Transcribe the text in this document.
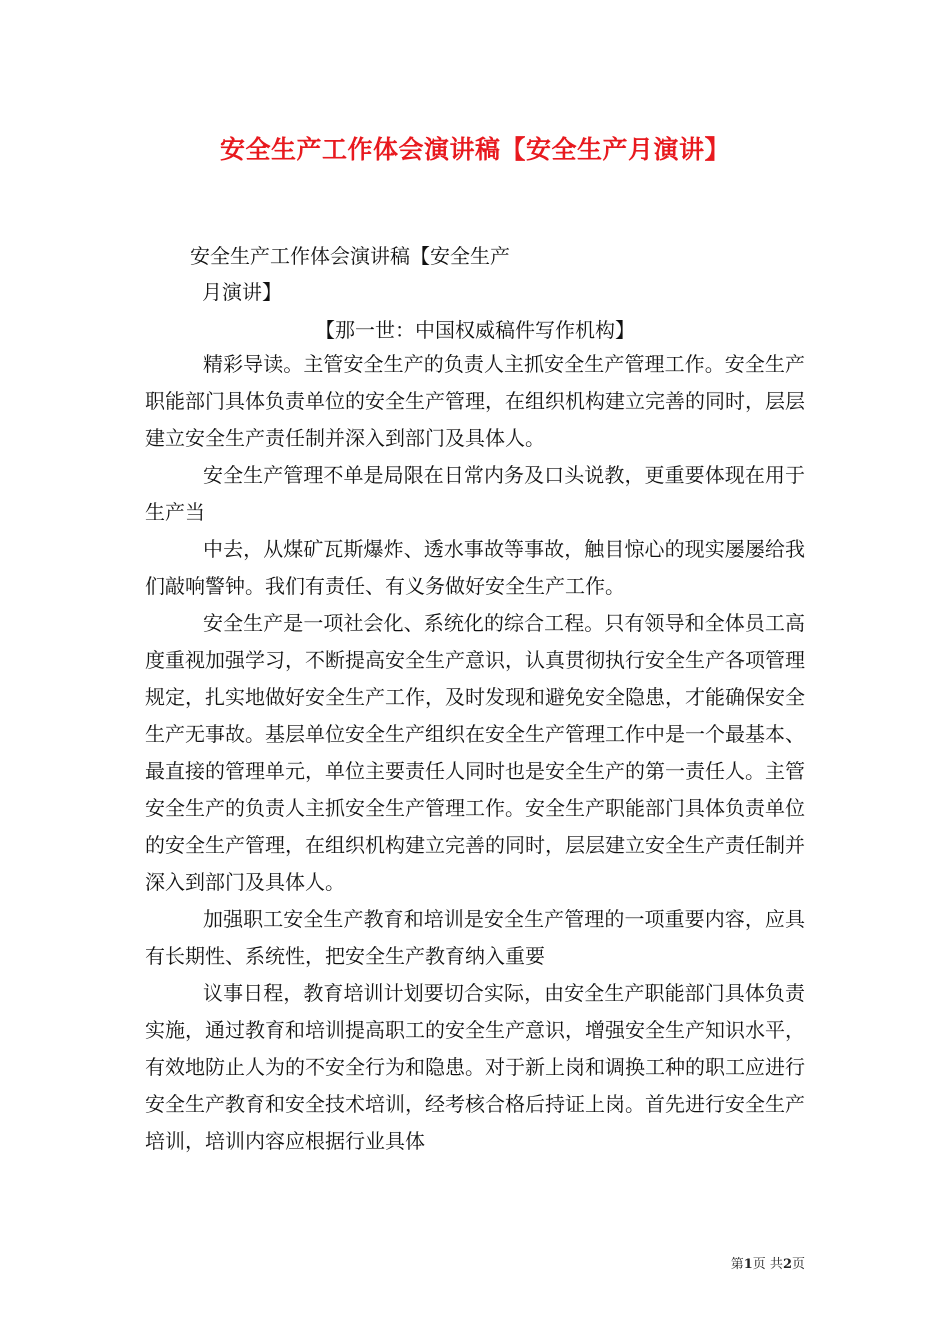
安全生产工作体会演讲稿【安全生产月演讲】
安全生产工作体会演讲稿【安全生产
月演讲】
【那一世：中国权威稿件写作机构】

精彩导读。主管安全生产的负责人主抓安全生产管理工作。安全生产职能部门具体负责单位的安全生产管理，在组织机构建立完善的同时，层层建立安全生产责任制并深入到部门及具体人。

安全生产管理不单是局限在日常内务及口头说教，更重要体现在用于生产当

中去，从煤矿瓦斯爆炸、透水事故等事故，触目惊心的现实屡屡给我们敲响警钟。我们有责任、有义务做好安全生产工作。

安全生产是一项社会化、系统化的综合工程。只有领导和全体员工高度重视加强学习，不断提高安全生产意识，认真贯彻执行安全生产各项管理规定，扎实地做好安全生产工作，及时发现和避免安全隐患，才能确保安全生产无事故。基层单位安全生产组织在安全生产管理工作中是一个最基本、最直接的管理单元，单位主要责任人同时也是安全生产的第一责任人。主管安全生产的负责人主抓安全生产管理工作。安全生产职能部门具体负责单位的安全生产管理，在组织机构建立完善的同时，层层建立安全生产责任制并深入到部门及具体人。

加强职工安全生产教育和培训是安全生产管理的一项重要内容，应具有长期性、系统性，把安全生产教育纳入重要

议事日程，教育培训计划要切合实际，由安全生产职能部门具体负责实施，通过教育和培训提高职工的安全生产意识，增强安全生产知识水平，有效地防止人为的不安全行为和隐患。对于新上岗和调换工种的职工应进行安全生产教育和安全技术培训，经考核合格后持证上岗。首先进行安全生产培训，培训内容应根据行业具体

第1页 共2页
